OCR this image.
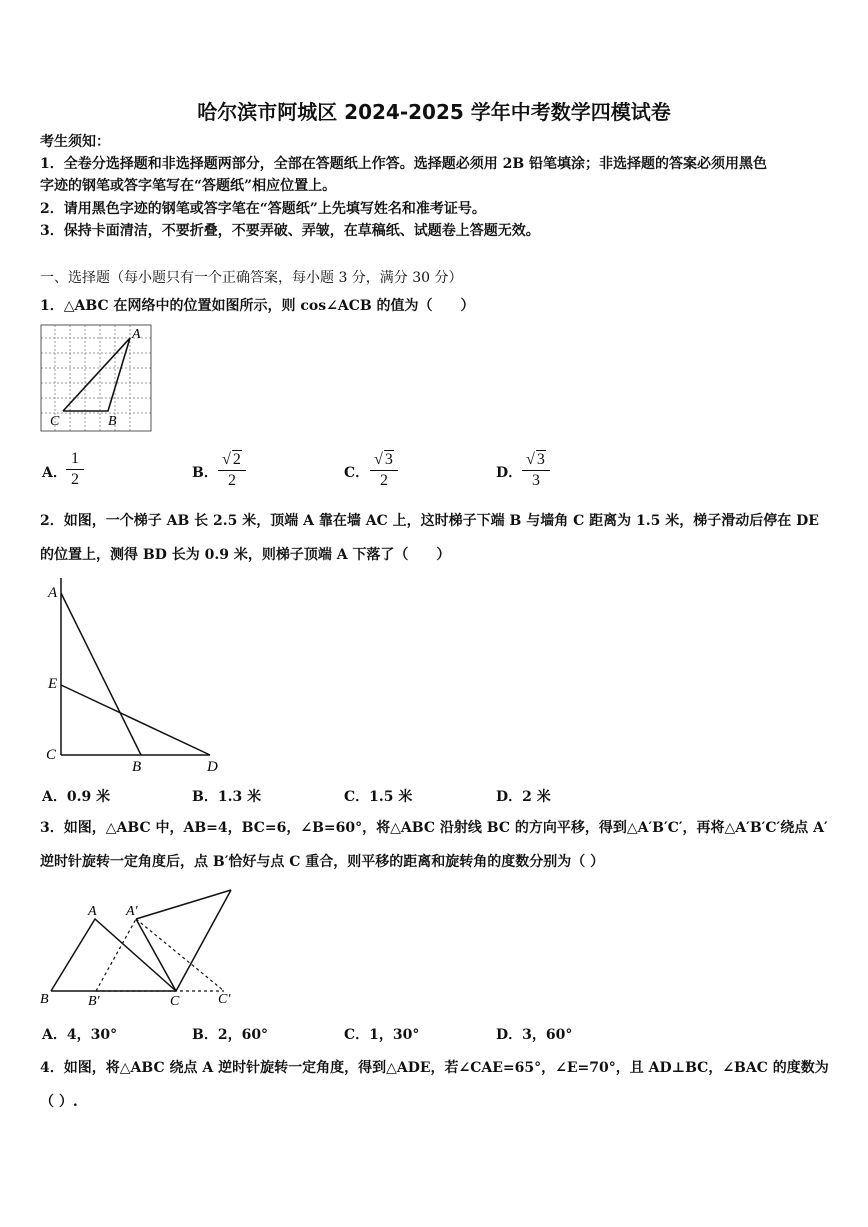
哈尔滨市阿城区 2024-2025 学年中考数学四模试卷
考生须知：
1．全卷分选择题和非选择题两部分，全部在答题纸上作答。选择题必须用 2B 铅笔填涂；非选择题的答案必须用黑色
字迹的钢笔或答字笔写在“答题纸”相应位置上。
2．请用黑色字迹的钢笔或答字笔在“答题纸”上先填写姓名和准考证号。
3．保持卡面清洁，不要折叠，不要弄破、弄皱，在草稿纸、试题卷上答题无效。
一、选择题（每小题只有一个正确答案，每小题 3 分，满分 30 分）
1．△ABC 在网络中的位置如图所示，则 cos∠ACB 的值为（　　）
A
B
C
A．
1
2	B．
√ 2
2	C．
√ 3
2	D．
√ 3
3
2．如图，一个梯子 AB 长 2.5 米，顶端 A 靠在墙 AC 上，这时梯子下端 B 与墙角 C 距离为 1.5 米，梯子滑动后停在 DE
的位置上，测得 BD 长为 0.9 米，则梯子顶端 A 下落了（　　）
A
E
C
B	D
A．0.9 米	B．1.3 米	C．1.5 米	D．2 米
3．如图，△ABC 中，AB=4，BC=6，∠B=60°，将△ABC 沿射线 BC 的方向平移，得到△A′B′C′，再将△A′B′C′绕点 A′
逆时针旋转一定角度后，点 B′恰好与点 C 重合，则平移的距离和旋转角的度数分别为（ ）
A A′
B	B′	C	C′
A．4，30°	B．2，60°	C．1，30°	D．3，60°
4．如图，将△ABC 绕点 A 逆时针旋转一定角度，得到△ADE，若∠CAE=65°，∠E=70°，且 AD⊥BC，∠BAC 的度数为
（ ）.
